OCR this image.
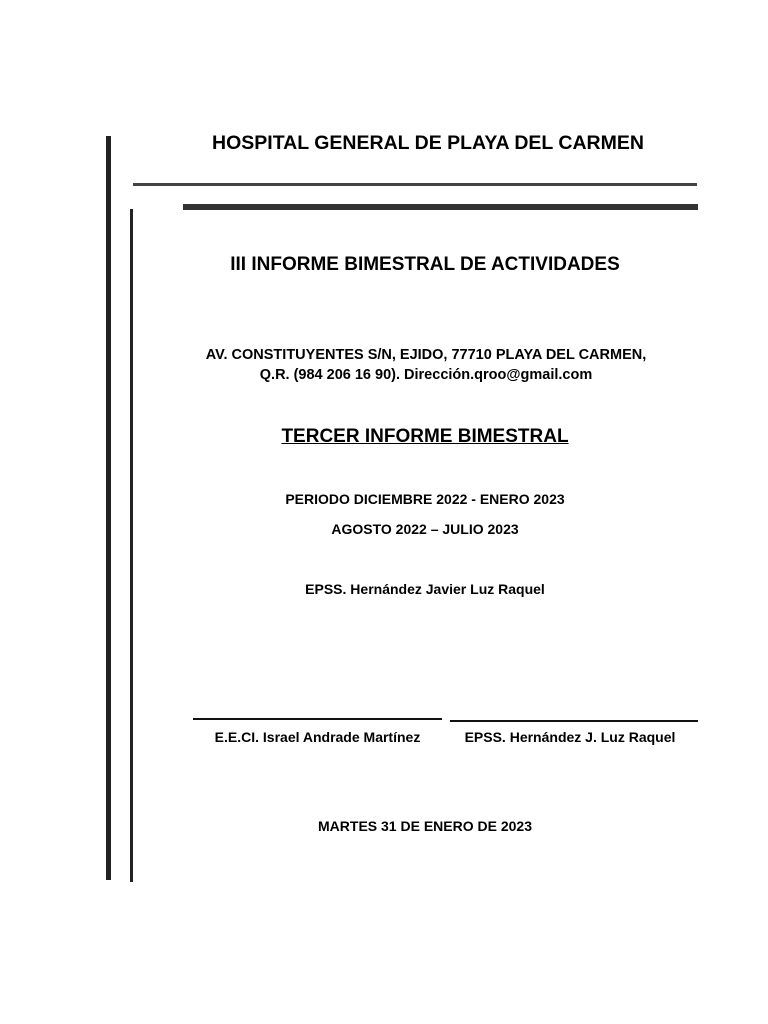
HOSPITAL GENERAL DE PLAYA DEL CARMEN
III INFORME BIMESTRAL DE ACTIVIDADES
AV. CONSTITUYENTES S/N, EJIDO, 77710 PLAYA DEL CARMEN,
Q.R. (984 206 16 90). Dirección.qroo@gmail.com
TERCER INFORME BIMESTRAL
PERIODO DICIEMBRE 2022 - ENERO 2023
AGOSTO 2022 – JULIO 2023
EPSS. Hernández Javier Luz Raquel
E.E.CI. Israel Andrade Martínez	EPSS. Hernández J. Luz Raquel
MARTES 31 DE ENERO DE 2023
